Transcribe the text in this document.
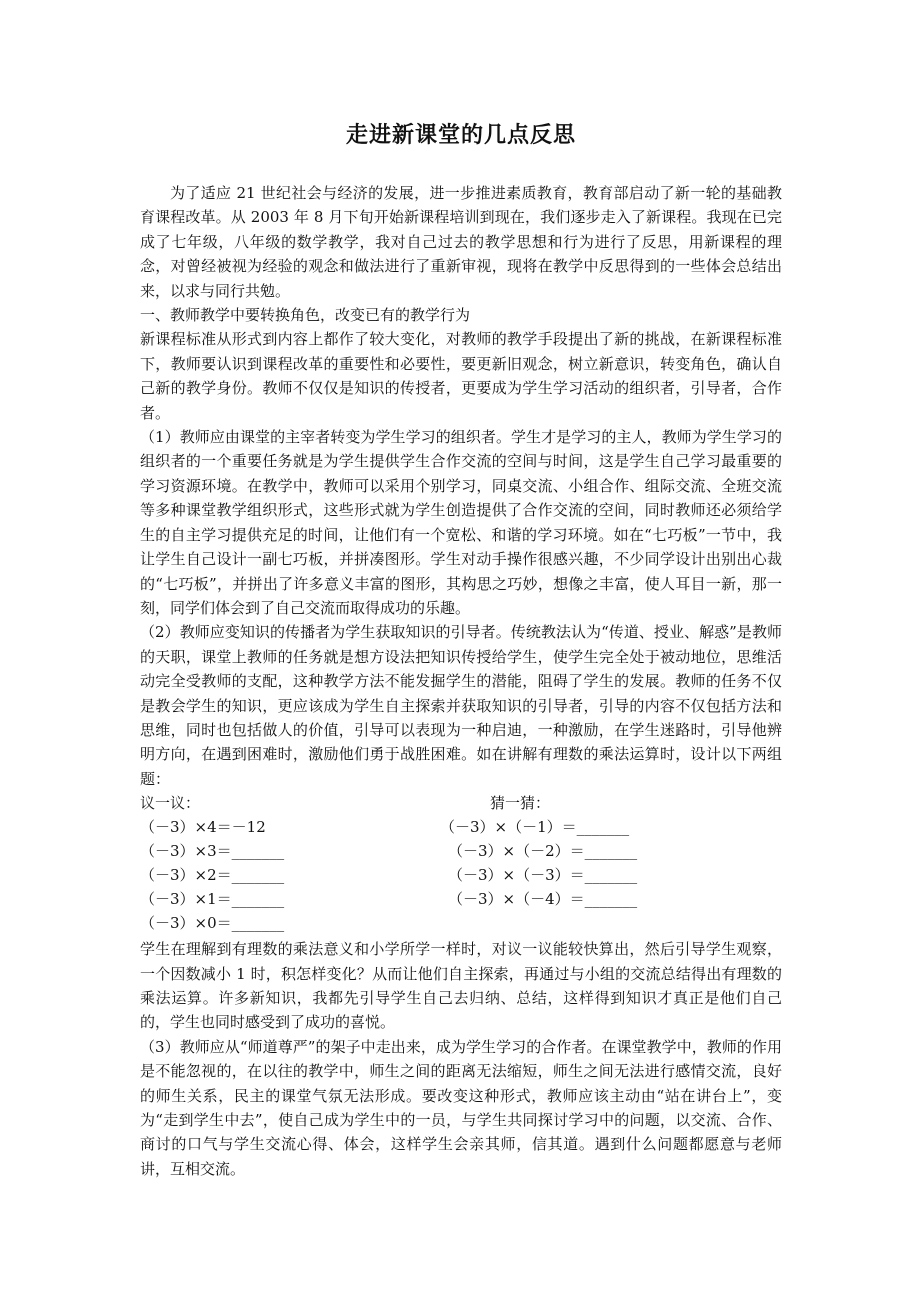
走进新课堂的几点反思

为了适应 21 世纪社会与经济的发展，进一步推进素质教育，教育部启动了新一轮的基础教育课程改革。从 2003 年 8 月下旬开始新课程培训到现在，我们逐步走入了新课程。我现在已完成了七年级，八年级的数学教学，我对自己过去的教学思想和行为进行了反思，用新课程的理念，对曾经被视为经验的观念和做法进行了重新审视，现将在教学中反思得到的一些体会总结出来，以求与同行共勉。

一、教师教学中要转换角色，改变已有的教学行为

新课程标准从形式到内容上都作了较大变化，对教师的教学手段提出了新的挑战，在新课程标准下，教师要认识到课程改革的重要性和必要性，要更新旧观念，树立新意识，转变角色，确认自己新的教学身份。教师不仅仅是知识的传授者，更要成为学生学习活动的组织者，引导者，合作者。

（1）教师应由课堂的主宰者转变为学生学习的组织者。学生才是学习的主人，教师为学生学习的组织者的一个重要任务就是为学生提供学生合作交流的空间与时间，这是学生自己学习最重要的学习资源环境。在教学中，教师可以采用个别学习，同桌交流、小组合作、组际交流、全班交流等多种课堂教学组织形式，这些形式就为学生创造提供了合作交流的空间，同时教师还必须给学生的自主学习提供充足的时间，让他们有一个宽松、和谐的学习环境。如在“七巧板”一节中，我让学生自己设计一副七巧板，并拼凑图形。学生对动手操作很感兴趣，不少同学设计出别出心裁的“七巧板”，并拼出了许多意义丰富的图形，其构思之巧妙，想像之丰富，使人耳目一新，那一刻，同学们体会到了自己交流而取得成功的乐趣。

（2）教师应变知识的传播者为学生获取知识的引导者。传统教法认为“传道、授业、解惑”是教师的天职，课堂上教师的任务就是想方设法把知识传授给学生，使学生完全处于被动地位，思维活动完全受教师的支配，这种教学方法不能发掘学生的潜能，阻碍了学生的发展。教师的任务不仅是教会学生的知识，更应该成为学生自主探索并获取知识的引导者，引导的内容不仅包括方法和思维，同时也包括做人的价值，引导可以表现为一种启迪，一种激励，在学生迷路时，引导他辨明方向，在遇到困难时，激励他们勇于战胜困难。如在讲解有理数的乘法运算时，设计以下两组题：

议一议：	猜一猜：
（－3）×4＝－12
（－3）×3＝_______
（－3）×2＝_______
（－3）×1＝_______
（－3）×0＝_______
（－3）×（－1）＝_______
（－3）×（－2）＝_______
（－3）×（－3）＝_______
（－3）×（－4）＝_______

学生在理解到有理数的乘法意义和小学所学一样时，对议一议能较快算出，然后引导学生观察，一个因数减小 1 时，积怎样变化？从而让他们自主探索，再通过与小组的交流总结得出有理数的乘法运算。许多新知识，我都先引导学生自己去归纳、总结，这样得到知识才真正是他们自己的，学生也同时感受到了成功的喜悦。

（3）教师应从“师道尊严”的架子中走出来，成为学生学习的合作者。在课堂教学中，教师的作用是不能忽视的，在以往的教学中，师生之间的距离无法缩短，师生之间无法进行感情交流，良好的师生关系，民主的课堂气氛无法形成。要改变这种形式，教师应该主动由“站在讲台上”，变为“走到学生中去”，使自己成为学生中的一员，与学生共同探讨学习中的问题，以交流、合作、商讨的口气与学生交流心得、体会，这样学生会亲其师，信其道。遇到什么问题都愿意与老师讲，互相交流。
